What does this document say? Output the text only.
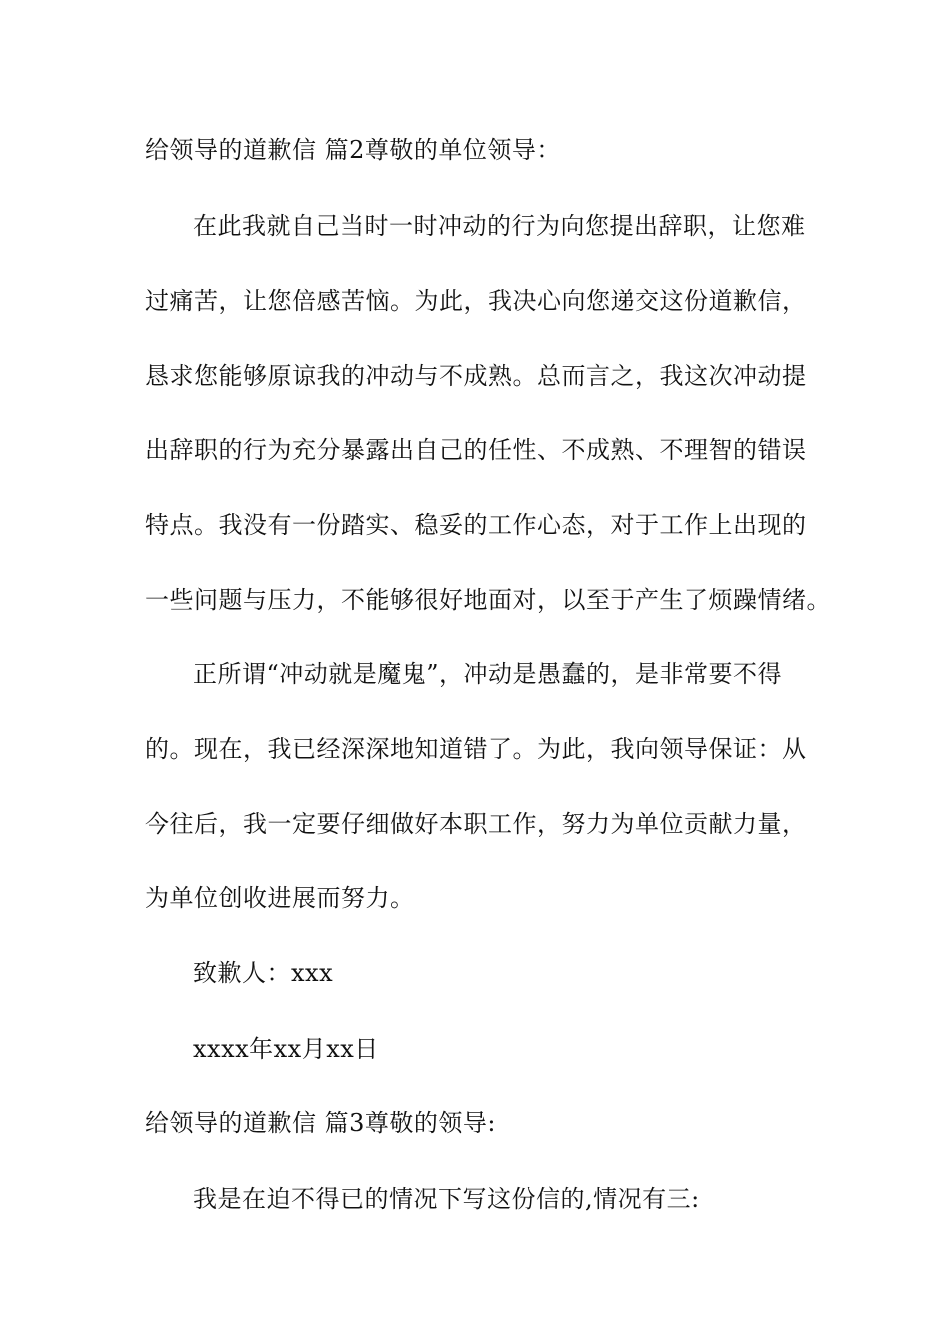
给领导的道歉信 篇2尊敬的单位领导：
在此我就自己当时一时冲动的行为向您提出辞职，让您难
过痛苦，让您倍感苦恼。为此，我决心向您递交这份道歉信，
恳求您能够原谅我的冲动与不成熟。总而言之，我这次冲动提
出辞职的行为充分暴露出自己的任性、不成熟、不理智的错误
特点。我没有一份踏实、稳妥的工作心态，对于工作上出现的
一些问题与压力，不能够很好地面对，以至于产生了烦躁情绪。
正所谓“冲动就是魔鬼”，冲动是愚蠢的，是非常要不得
的。现在，我已经深深地知道错了。为此，我向领导保证：从
今往后，我一定要仔细做好本职工作，努力为单位贡献力量，
为单位创收进展而努力。
致歉人：xxx
xxxx年xx月xx日
给领导的道歉信 篇3尊敬的领导:
我是在迫不得已的情况下写这份信的,情况有三:
